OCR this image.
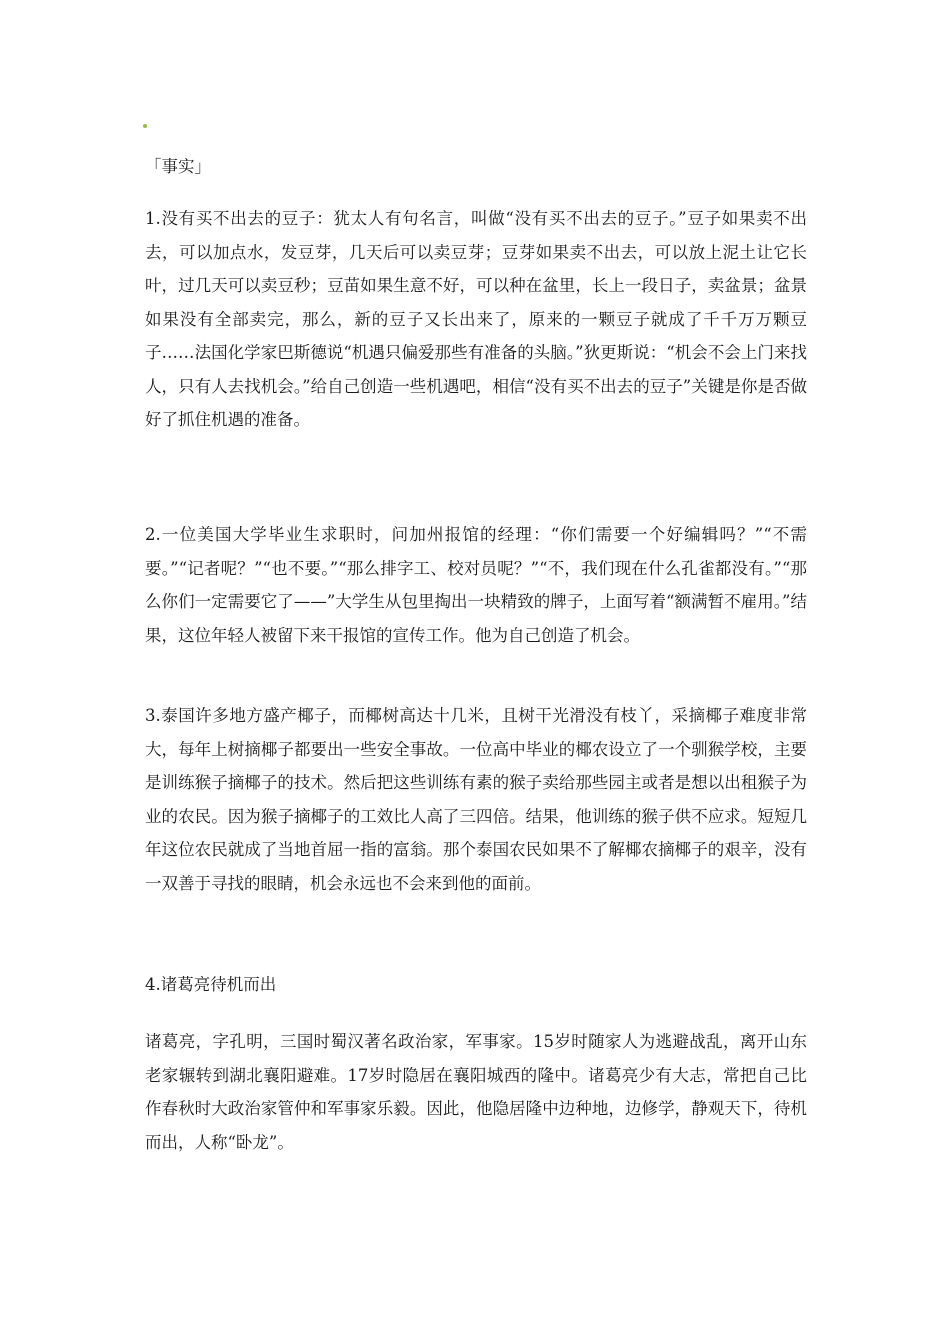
「事实」

1.没有买不出去的豆子：犹太人有句名言，叫做“没有买不出去的豆子。”豆子如果卖不出去，可以加点水，发豆芽，几天后可以卖豆芽；豆芽如果卖不出去，可以放上泥土让它长叶，过几天可以卖豆秒；豆苗如果生意不好，可以种在盆里，长上一段日子，卖盆景；盆景如果没有全部卖完，那么，新的豆子又长出来了，原来的一颗豆子就成了千千万万颗豆子……法国化学家巴斯德说“机遇只偏爱那些有准备的头脑。”狄更斯说：“机会不会上门来找人，只有人去找机会。”给自己创造一些机遇吧，相信“没有买不出去的豆子”关键是你是否做好了抓住机遇的准备。

2.一位美国大学毕业生求职时，问加州报馆的经理：“你们需要一个好编辑吗？”“不需要。”“记者呢？”“也不要。”“那么排字工、校对员呢？”“不，我们现在什么孔雀都没有。”“那么你们一定需要它了——”大学生从包里掏出一块精致的牌子，上面写着“额满暂不雇用。”结果，这位年轻人被留下来干报馆的宣传工作。他为自己创造了机会。

3.泰国许多地方盛产椰子，而椰树高达十几米，且树干光滑没有枝丫，采摘椰子难度非常大，每年上树摘椰子都要出一些安全事故。一位高中毕业的椰农设立了一个驯猴学校，主要是训练猴子摘椰子的技术。然后把这些训练有素的猴子卖给那些园主或者是想以出租猴子为业的农民。因为猴子摘椰子的工效比人高了三四倍。结果，他训练的猴子供不应求。短短几年这位农民就成了当地首屈一指的富翁。那个泰国农民如果不了解椰农摘椰子的艰辛，没有一双善于寻找的眼睛，机会永远也不会来到他的面前。

4.诸葛亮待机而出

诸葛亮，字孔明，三国时蜀汉著名政治家，军事家。15岁时随家人为逃避战乱，离开山东老家辗转到湖北襄阳避难。17岁时隐居在襄阳城西的隆中。诸葛亮少有大志，常把自己比作春秋时大政治家管仲和军事家乐毅。因此，他隐居隆中边种地，边修学，静观天下，待机而出，人称“卧龙”。
